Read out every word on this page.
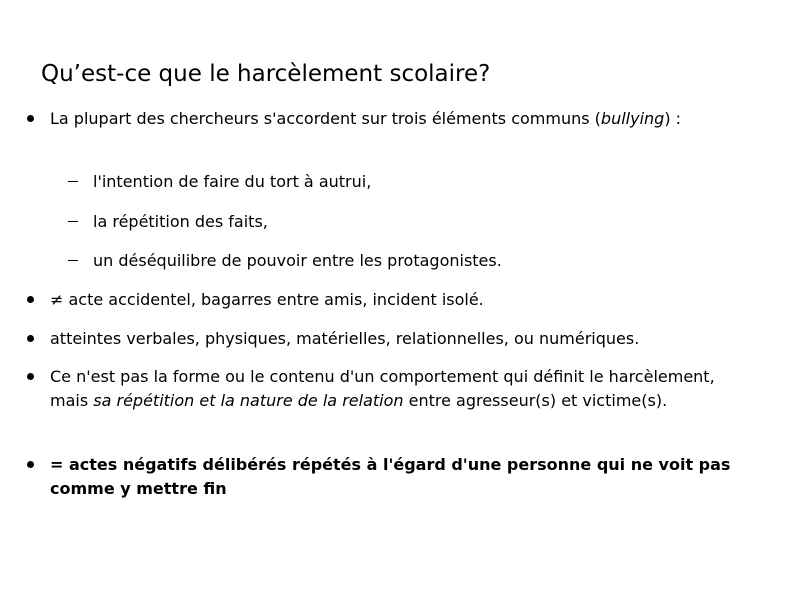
Qu’est-ce que le harcèlement scolaire?
La plupart des chercheurs s'accordent sur trois éléments communs (bullying) :
l'intention de faire du tort à autrui,
la répétition des faits,
un déséquilibre de pouvoir entre les protagonistes.
≠ acte accidentel, bagarres entre amis, incident isolé.
atteintes verbales, physiques, matérielles, relationnelles, ou numériques.
Ce n'est pas la forme ou le contenu d'un comportement qui définit le harcèlement, mais sa répétition et la nature de la relation entre agresseur(s) et victime(s).
= actes négatifs délibérés répétés à l'égard d'une personne qui ne voit pas comme y mettre fin
